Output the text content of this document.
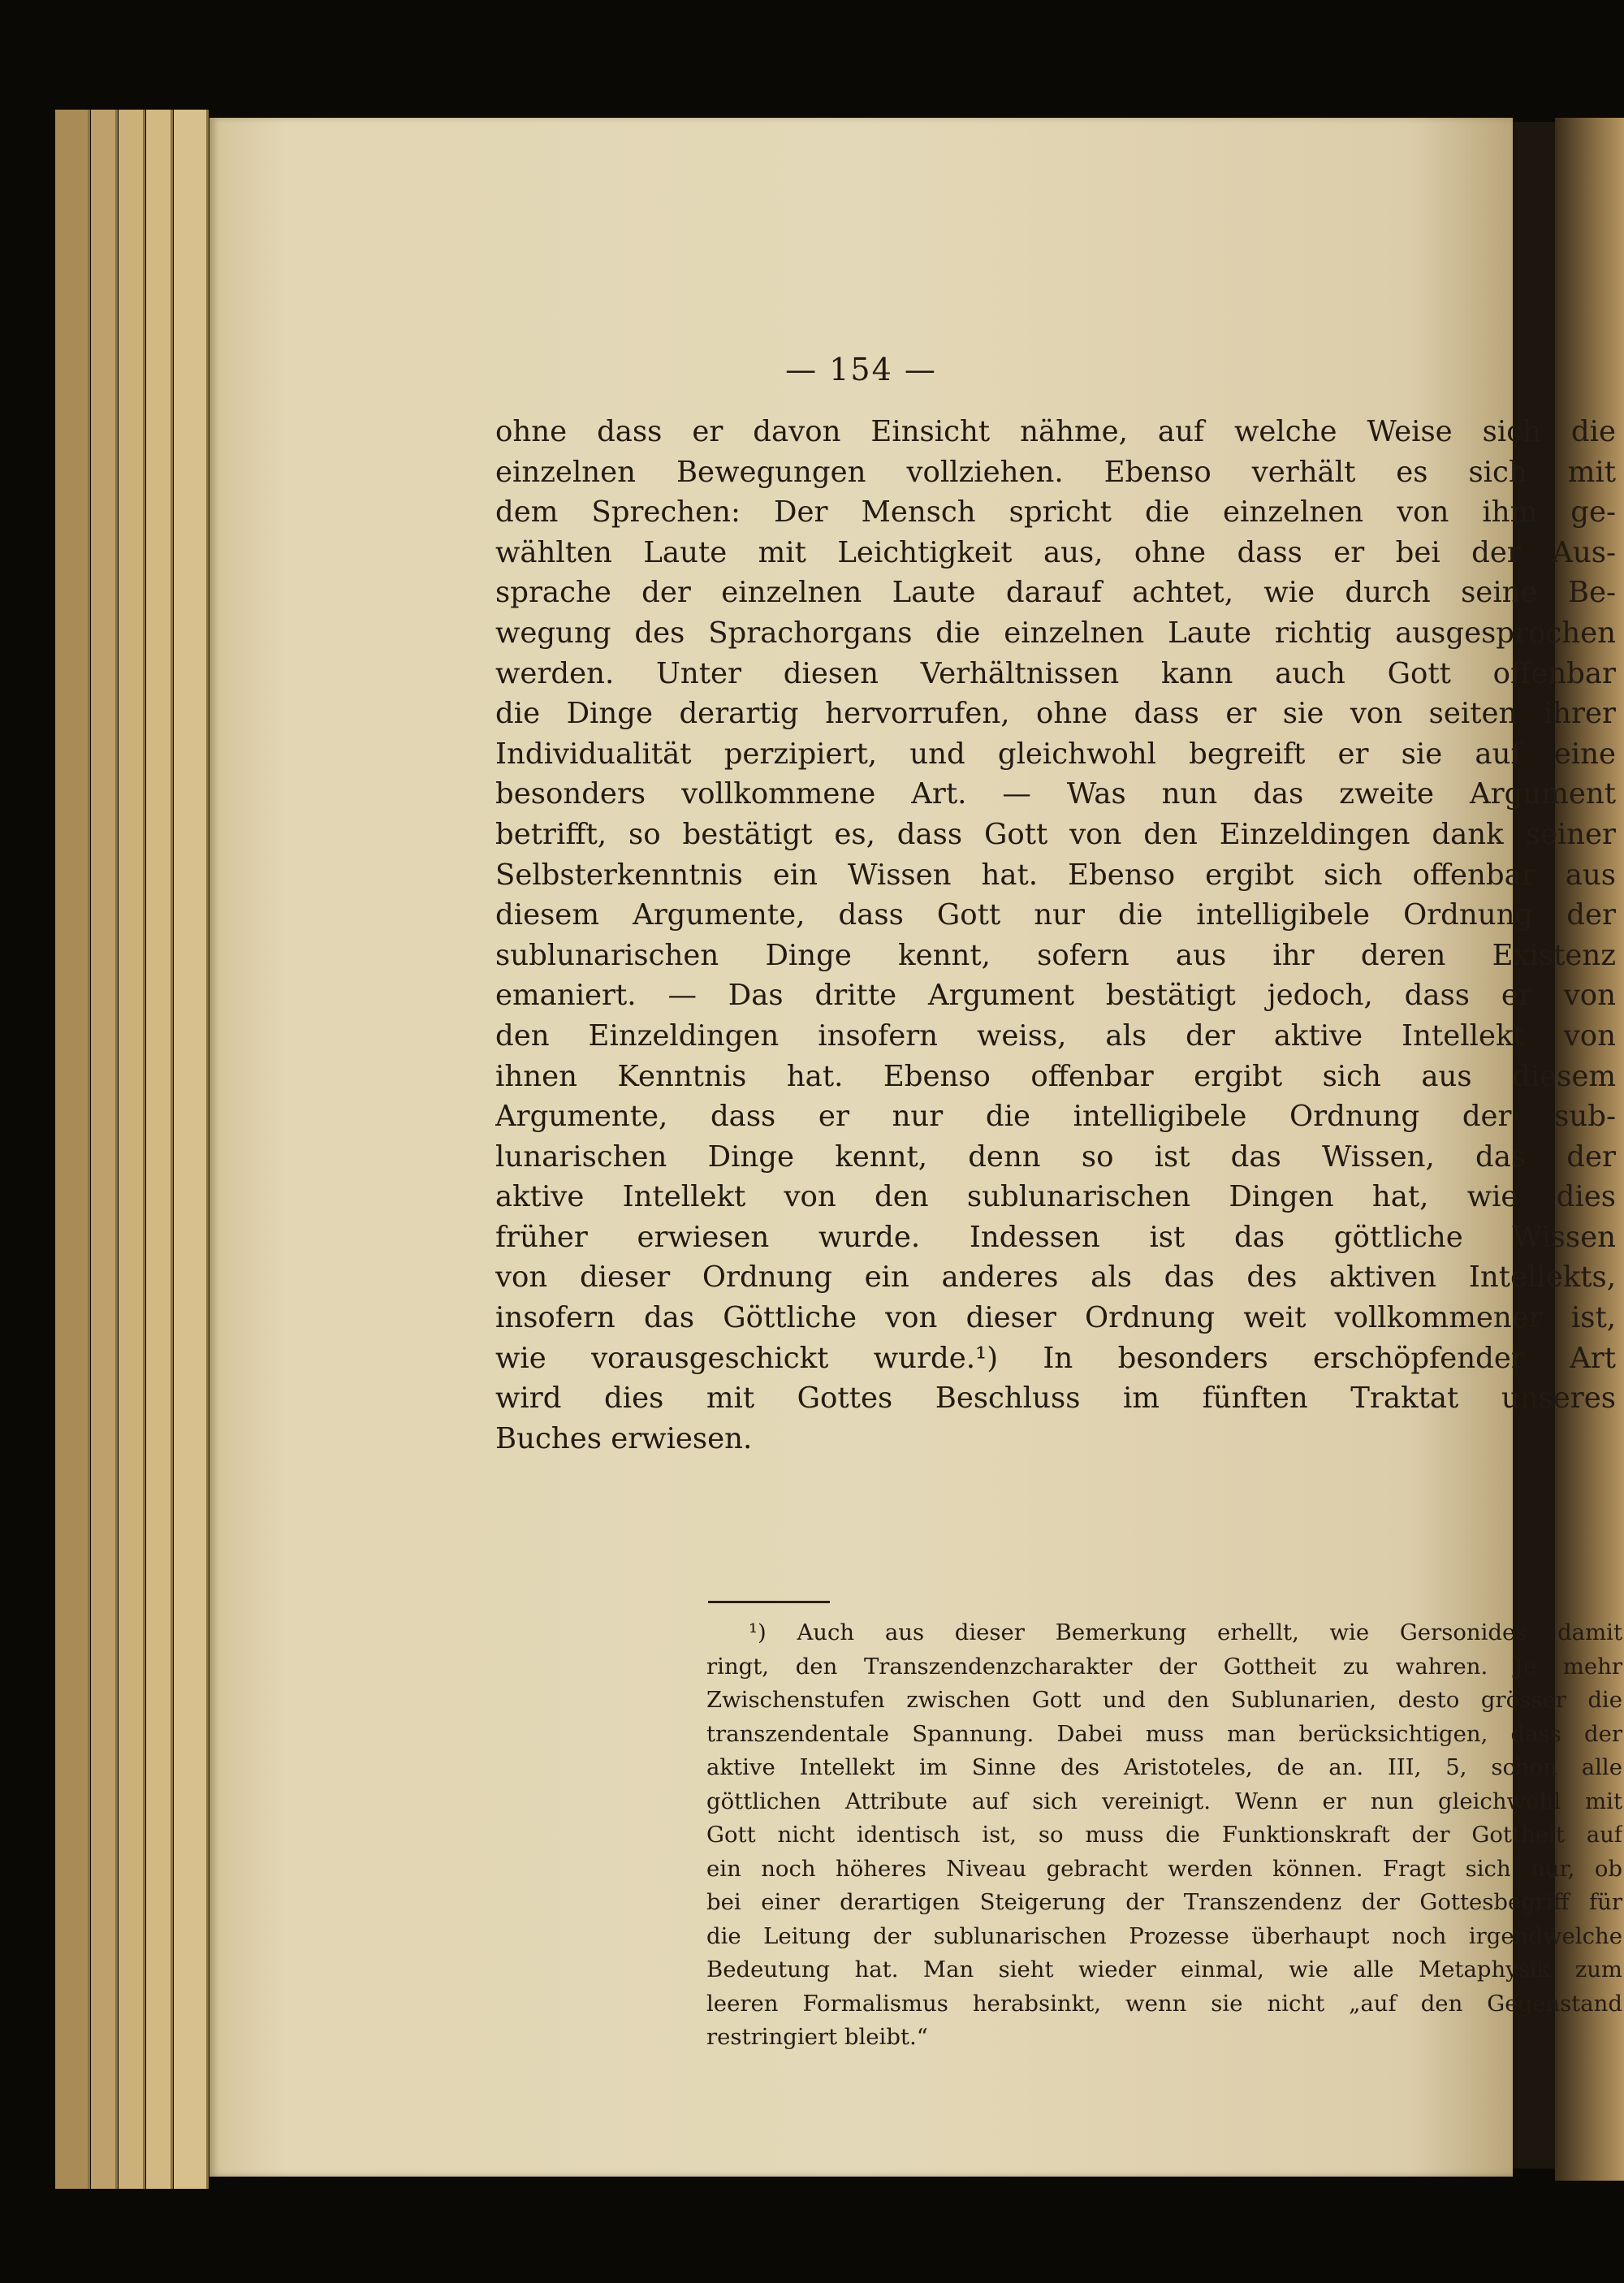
— 154 —
ohne dass er davon Einsicht nähme, auf welche Weise sich die
einzelnen Bewegungen vollziehen. Ebenso verhält es sich mit
dem Sprechen: Der Mensch spricht die einzelnen von ihm ge-
wählten Laute mit Leichtigkeit aus, ohne dass er bei der Aus-
sprache der einzelnen Laute darauf achtet, wie durch seine Be-
wegung des Sprachorgans die einzelnen Laute richtig ausgesprochen
werden. Unter diesen Verhältnissen kann auch Gott offenbar
die Dinge derartig hervorrufen, ohne dass er sie von seiten ihrer
Individualität perzipiert, und gleichwohl begreift er sie auf eine
besonders vollkommene Art. — Was nun das zweite Argument
betrifft, so bestätigt es, dass Gott von den Einzeldingen dank seiner
Selbsterkenntnis ein Wissen hat. Ebenso ergibt sich offenbar aus
diesem Argumente, dass Gott nur die intelligibele Ordnung der
sublunarischen Dinge kennt, sofern aus ihr deren Existenz
emaniert. — Das dritte Argument bestätigt jedoch, dass er von
den Einzeldingen insofern weiss, als der aktive Intellekt von
ihnen Kenntnis hat. Ebenso offenbar ergibt sich aus diesem
Argumente, dass er nur die intelligibele Ordnung der sub-
lunarischen Dinge kennt, denn so ist das Wissen, das der
aktive Intellekt von den sublunarischen Dingen hat, wie dies
früher erwiesen wurde. Indessen ist das göttliche Wissen
von dieser Ordnung ein anderes als das des aktiven Intellekts,
insofern das Göttliche von dieser Ordnung weit vollkommener ist,
wie vorausgeschickt wurde.¹) In besonders erschöpfender Art
wird dies mit Gottes Beschluss im fünften Traktat unseres
Buches erwiesen.
¹) Auch aus dieser Bemerkung erhellt, wie Gersonides damit
ringt, den Transzendenzcharakter der Gottheit zu wahren. Je mehr
Zwischenstufen zwischen Gott und den Sublunarien, desto grösser die
transzendentale Spannung. Dabei muss man berücksichtigen, dass der
aktive Intellekt im Sinne des Aristoteles, de an. III, 5, schon alle
göttlichen Attribute auf sich vereinigt. Wenn er nun gleichwohl mit
Gott nicht identisch ist, so muss die Funktionskraft der Gottheit auf
ein noch höheres Niveau gebracht werden können. Fragt sich nur, ob
bei einer derartigen Steigerung der Transzendenz der Gottesbegriff für
die Leitung der sublunarischen Prozesse überhaupt noch irgendwelche
Bedeutung hat. Man sieht wieder einmal, wie alle Metaphysik zum
leeren Formalismus herabsinkt, wenn sie nicht „auf den Gegenstand
restringiert bleibt.“
